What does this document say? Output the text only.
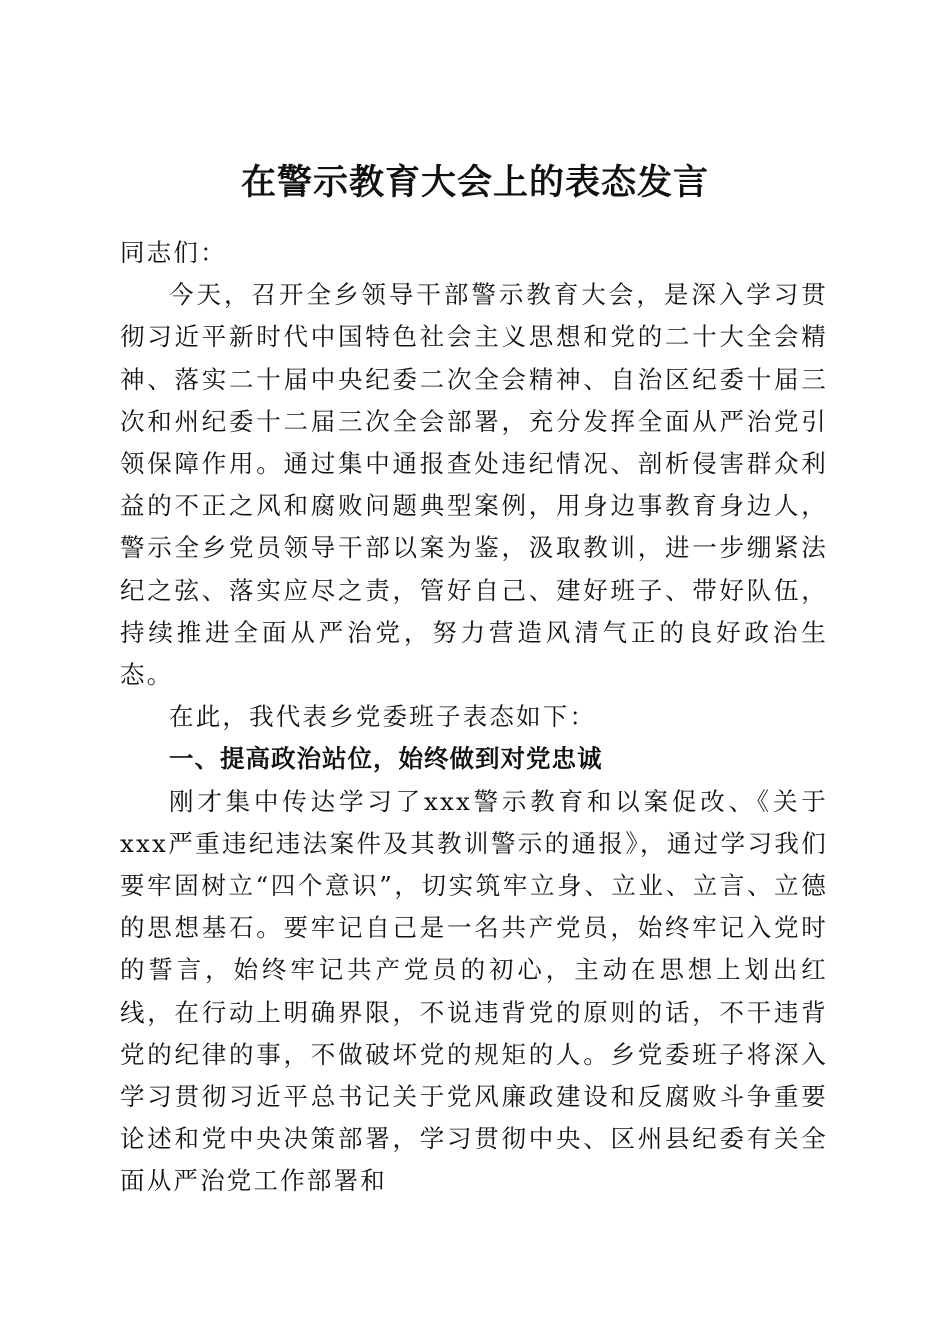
在警示教育大会上的表态发言

同志们：

今天，召开全乡领导干部警示教育大会，是深入学习贯彻习近平新时代中国特色社会主义思想和党的二十大全会精神、落实二十届中央纪委二次全会精神、自治区纪委十届三次和州纪委十二届三次全会部署，充分发挥全面从严治党引领保障作用。通过集中通报查处违纪情况、剖析侵害群众利益的不正之风和腐败问题典型案例，用身边事教育身边人，警示全乡党员领导干部以案为鉴，汲取教训，进一步绷紧法纪之弦、落实应尽之责，管好自己、建好班子、带好队伍，持续推进全面从严治党，努力营造风清气正的良好政治生态。

在此，我代表乡党委班子表态如下：

一、提高政治站位，始终做到对党忠诚

刚才集中传达学习了xxx警示教育和以案促改、《关于xxx严重违纪违法案件及其教训警示的通报》，通过学习我们要牢固树立“四个意识”，切实筑牢立身、立业、立言、立德的思想基石。要牢记自己是一名共产党员，始终牢记入党时的誓言，始终牢记共产党员的初心，主动在思想上划出红线，在行动上明确界限，不说违背党的原则的话，不干违背党的纪律的事，不做破坏党的规矩的人。乡党委班子将深入学习贯彻习近平总书记关于党风廉政建设和反腐败斗争重要论述和党中央决策部署，学习贯彻中央、区州县纪委有关全面从严治党工作部署和
